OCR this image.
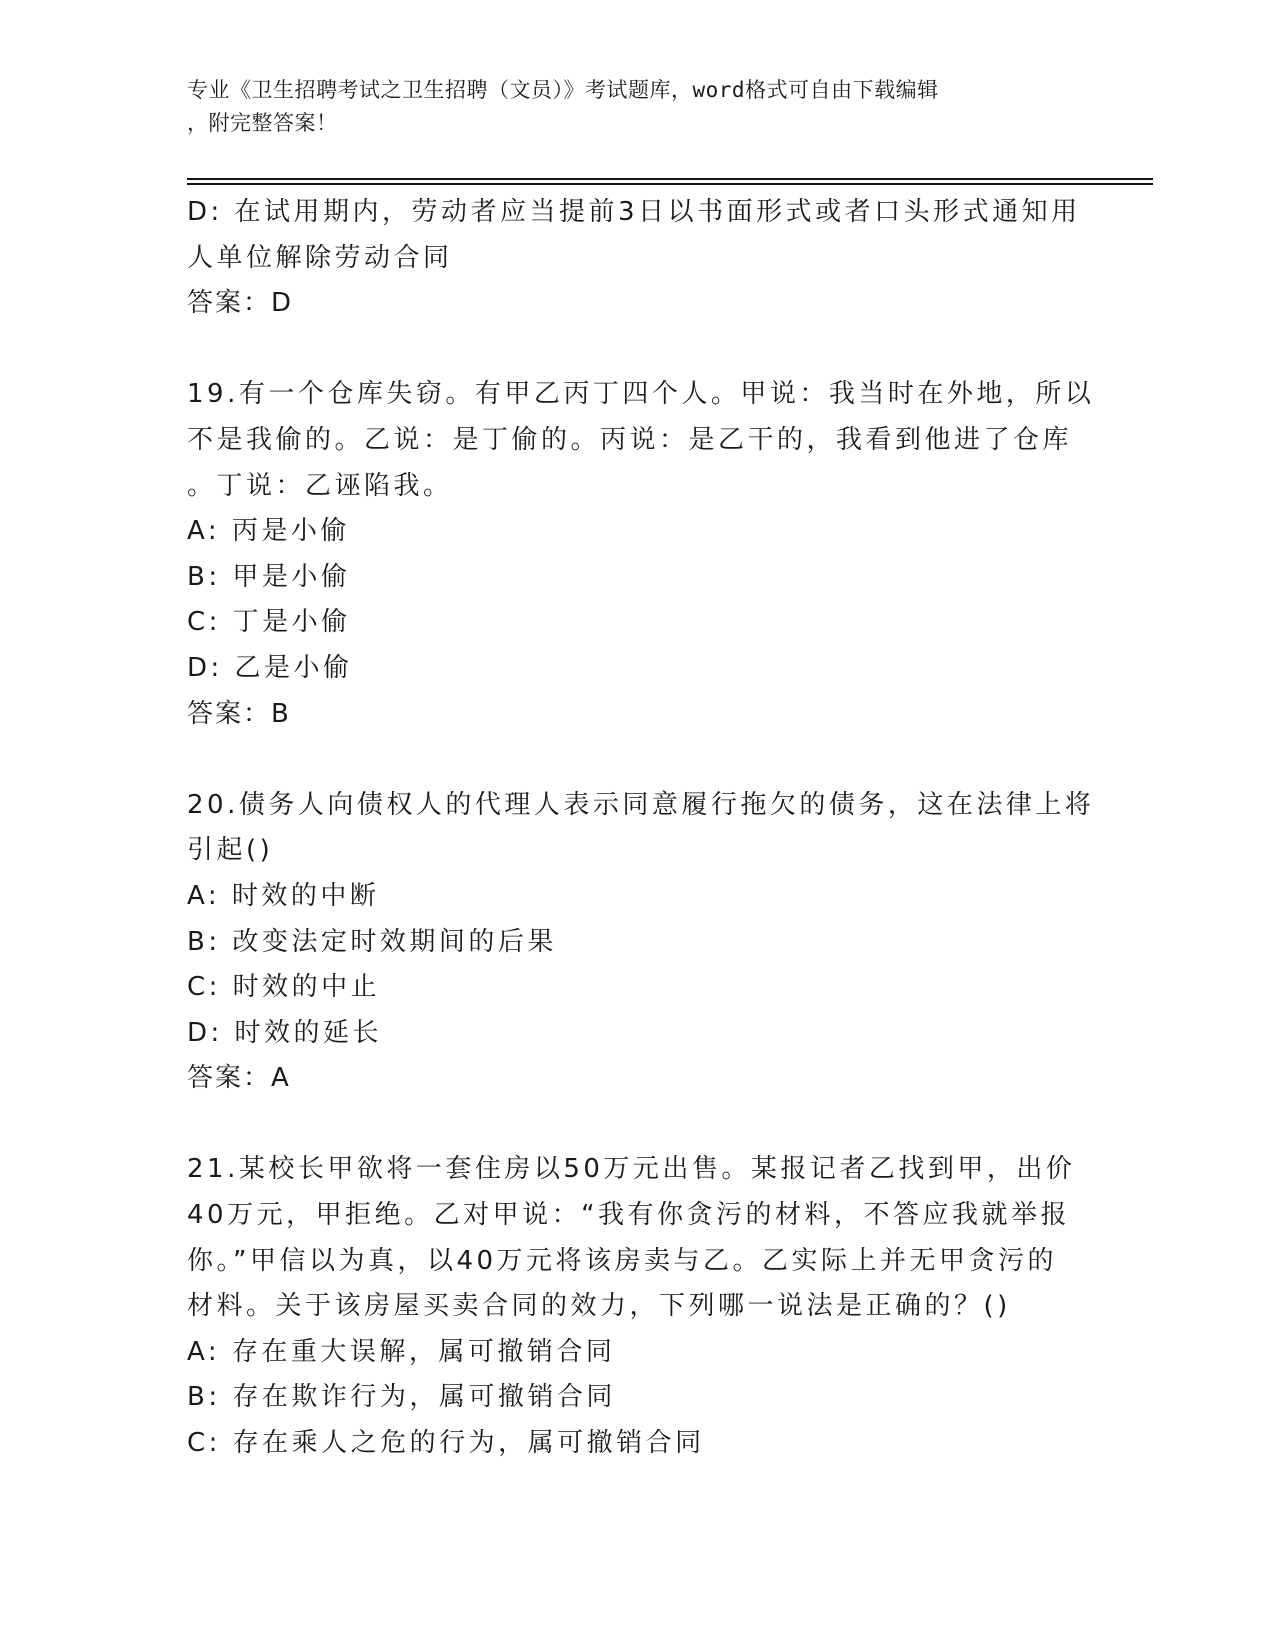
专业《卫生招聘考试之卫生招聘（文员）》考试题库，word格式可自由下载编辑
，附完整答案！
D: 在试用期内，劳动者应当提前3日以书面形式或者口头形式通知用
人单位解除劳动合同
答案：D
19.有一个仓库失窃。有甲乙丙丁四个人。甲说：我当时在外地，所以
不是我偷的。乙说：是丁偷的。丙说：是乙干的，我看到他进了仓库
。丁说：乙诬陷我。
A: 丙是小偷
B: 甲是小偷
C: 丁是小偷
D: 乙是小偷
答案：B
20.债务人向债权人的代理人表示同意履行拖欠的债务，这在法律上将
引起()
A: 时效的中断
B: 改变法定时效期间的后果
C: 时效的中止
D: 时效的延长
答案：A
21.某校长甲欲将一套住房以50万元出售。某报记者乙找到甲，出价
40万元，甲拒绝。乙对甲说：“我有你贪污的材料，不答应我就举报
你。”甲信以为真，以40万元将该房卖与乙。乙实际上并无甲贪污的
材料。关于该房屋买卖合同的效力，下列哪一说法是正确的？()
A: 存在重大误解，属可撤销合同
B: 存在欺诈行为，属可撤销合同
C: 存在乘人之危的行为，属可撤销合同
